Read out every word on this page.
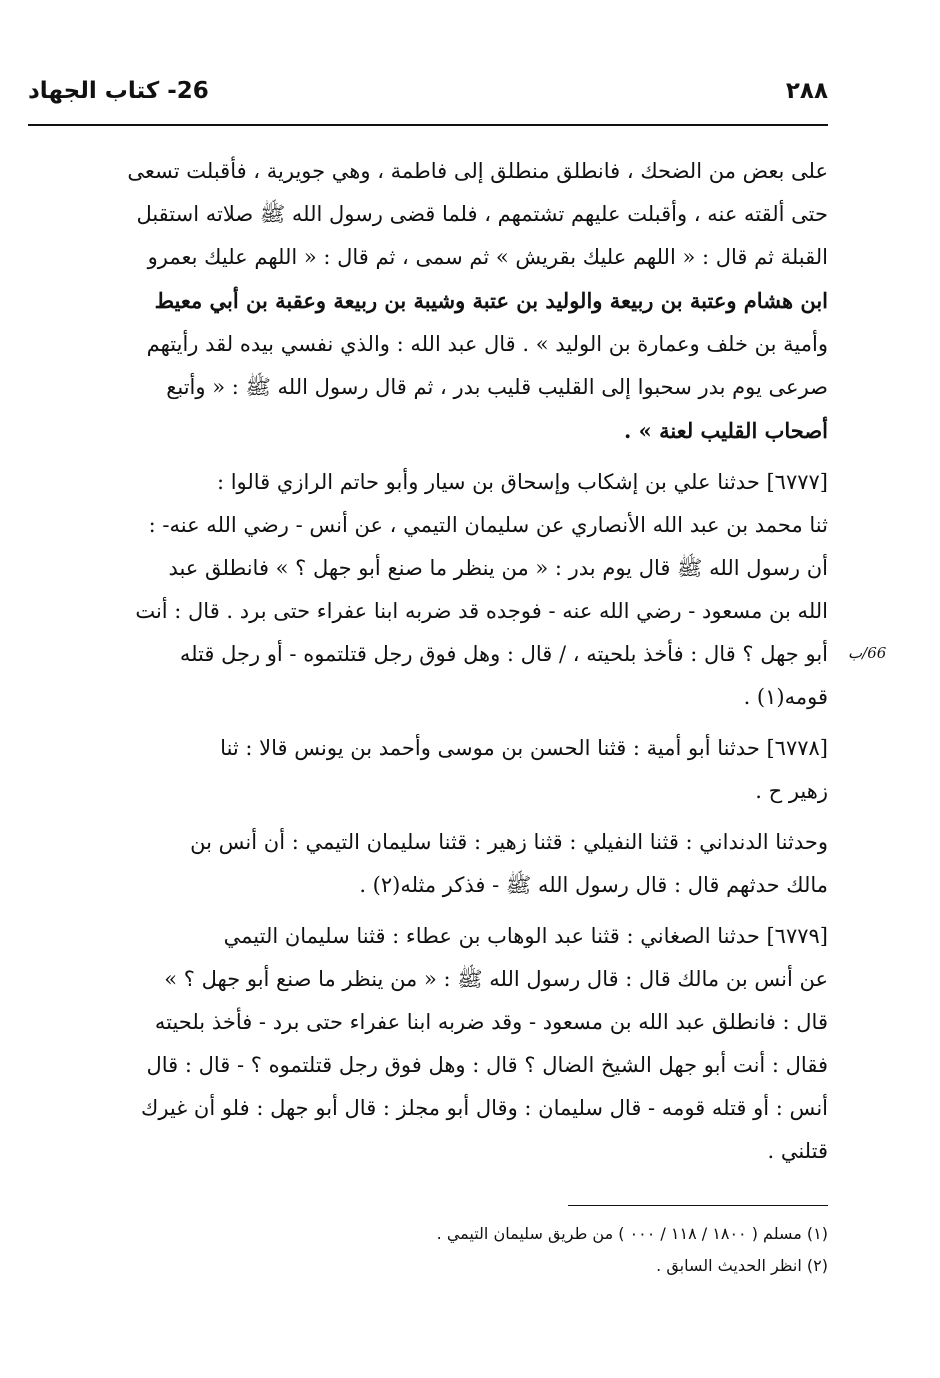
٢٨٨
26- كتاب الجهاد
66/ب

على بعض من الضحك ، فانطلق منطلق إلى فاطمة ، وهي جويرية ، فأقبلت تسعى
حتى ألقته عنه ، وأقبلت عليهم تشتمهم ، فلما قضى رسول الله ﷺ صلاته استقبل
القبلة ثم قال : « اللهم عليك بقريش » ثم سمى ، ثم قال : « اللهم عليك بعمرو
ابن هشام وعتبة بن ربيعة والوليد بن عتبة وشيبة بن ربيعة وعقبة بن أبي معيط
وأمية بن خلف وعمارة بن الوليد » . قال عبد الله : والذي نفسي بيده لقد رأيتهم
صرعى يوم بدر سحبوا إلى القليب قليب بدر ، ثم قال رسول الله ﷺ : « وأتبع
أصحاب القليب لعنة » .

[٦٧٧٧] حدثنا علي بن إشكاب وإسحاق بن سيار وأبو حاتم الرازي قالوا :
ثنا محمد بن عبد الله الأنصاري عن سليمان التيمي ، عن أنس - رضي الله عنه- :
أن رسول الله ﷺ قال يوم بدر : « من ينظر ما صنع أبو جهل ؟ » فانطلق عبد
الله بن مسعود - رضي الله عنه - فوجده قد ضربه ابنا عفراء حتى برد . قال : أنت
أبو جهل ؟ قال : فأخذ بلحيته ، / قال : وهل فوق رجل قتلتموه - أو رجل قتله
قومه(١) .

[٦٧٧٨] حدثنا أبو أمية : قثنا الحسن بن موسى وأحمد بن يونس قالا : ثنا
زهير ح .

وحدثنا الدنداني : قثنا النفيلي : قثنا زهير : قثنا سليمان التيمي : أن أنس بن
مالك حدثهم قال : قال رسول الله ﷺ - فذكر مثله(٢) .

[٦٧٧٩] حدثنا الصغاني : قثنا عبد الوهاب بن عطاء : قثنا سليمان التيمي
عن أنس بن مالك قال : قال رسول الله ﷺ : « من ينظر ما صنع أبو جهل ؟ »
قال : فانطلق عبد الله بن مسعود - وقد ضربه ابنا عفراء حتى برد - فأخذ بلحيته
فقال : أنت أبو جهل الشيخ الضال ؟ قال : وهل فوق رجل قتلتموه ؟ - قال : قال
أنس : أو قتله قومه - قال سليمان : وقال أبو مجلز : قال أبو جهل : فلو أن غيرك
قتلني .

(١) مسلم ( ١٨٠٠ / ١١٨ / ٠٠٠ ) من طريق سليمان التيمي .

(٢) انظر الحديث السابق .
